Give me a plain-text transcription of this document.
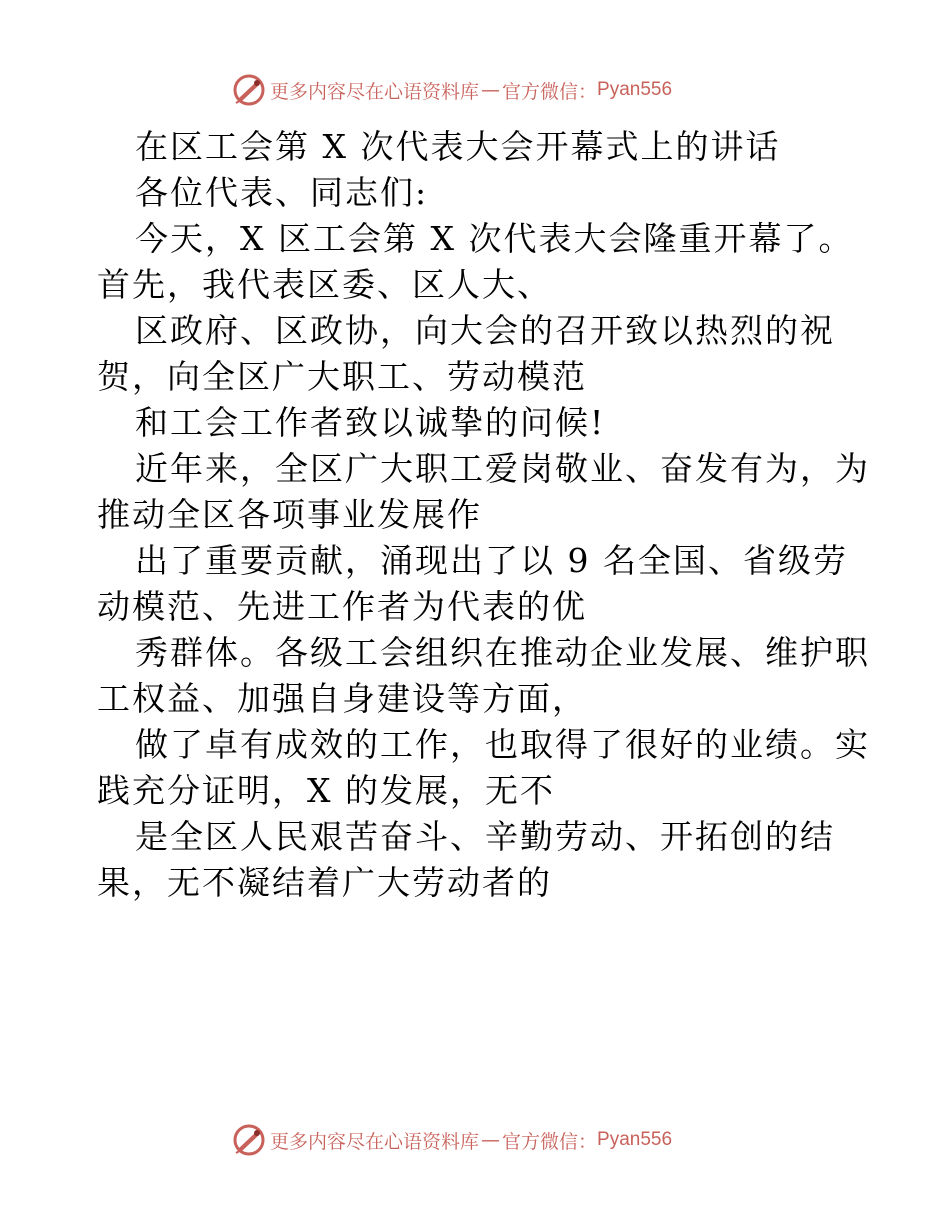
更多内容尽在心语资料库 — 官方微信： Pyan556
在区工会第 X 次代表大会开幕式上的讲话
各位代表、同志们:
今天，X 区工会第 X 次代表大会隆重开幕了。
首先，我代表区委、区人大、
区政府、区政协，向大会的召开致以热烈的祝
贺，向全区广大职工、劳动模范
和工会工作者致以诚挚的问候!
近年来，全区广大职工爱岗敬业、奋发有为，为
推动全区各项事业发展作
出了重要贡献，涌现出了以 9 名全国、省级劳
动模范、先进工作者为代表的优
秀群体。各级工会组织在推动企业发展、维护职
工权益、加强自身建设等方面，
做了卓有成效的工作，也取得了很好的业绩。实
践充分证明，X 的发展，无不
是全区人民艰苦奋斗、辛勤劳动、开拓创的结
果，无不凝结着广大劳动者的
更多内容尽在心语资料库 — 官方微信： Pyan556
